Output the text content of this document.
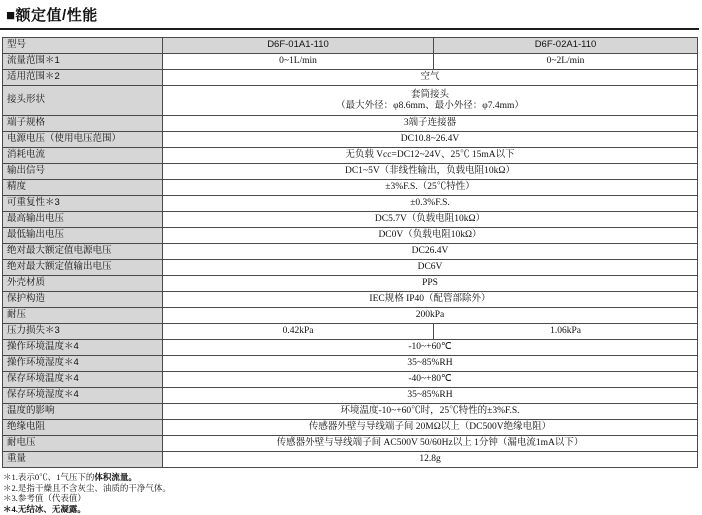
■额定值/性能
型号	D6F-01A1-110	D6F-02A1-110
流量范围＊1	0~1L/min	0~2L/min
适用范围＊2	空气	
接头形状	套筒接头
（最大外径：φ8.6mm、最小外径：φ7.4mm）	

端子规格	3端子连接器	
电源电压（使用电压范围）	DC10.8~26.4V	
消耗电流	无负载 Vcc=DC12~24V、25℃ 15mA以下	
输出信号	DC1~5V（非线性输出，负载电阻10kΩ）	
精度	±3%F.S.（25℃特性）	
可重复性＊3	±0.3%F.S.	
最高输出电压	DC5.7V（负载电阻10kΩ）	
最低输出电压	DC0V（负载电阻10kΩ）	
绝对最大额定值电源电压	DC26.4V	
绝对最大额定值输出电压	DC6V	
外壳材质	PPS	
保护构造	IEC规格 IP40（配管部除外）	
耐压	200kPa	
压力损失＊3	0.42kPa	1.06kPa
操作环境温度＊4	-10~+60℃	
操作环境湿度＊4	35~85%RH	
保存环境温度＊4	-40~+80℃	
保存环境湿度＊4	35~85%RH	
温度的影响	环境温度-10~+60℃时，25℃特性的±3%F.S.	
绝缘电阻	传感器外壁与导线端子间 20MΩ以上（DC500V绝缘电阻）	
耐电压	传感器外壁与导线端子间 AC500V 50/60Hz以上 1分钟（漏电流1mA以下）	
重量	12.8g	
＊1.表示0℃、1气压下的体积流量。
＊2.是指干燥且不含灰尘、油质的干净气体。
＊3.参考值（代表值）
＊4.无结冰、无凝露。
